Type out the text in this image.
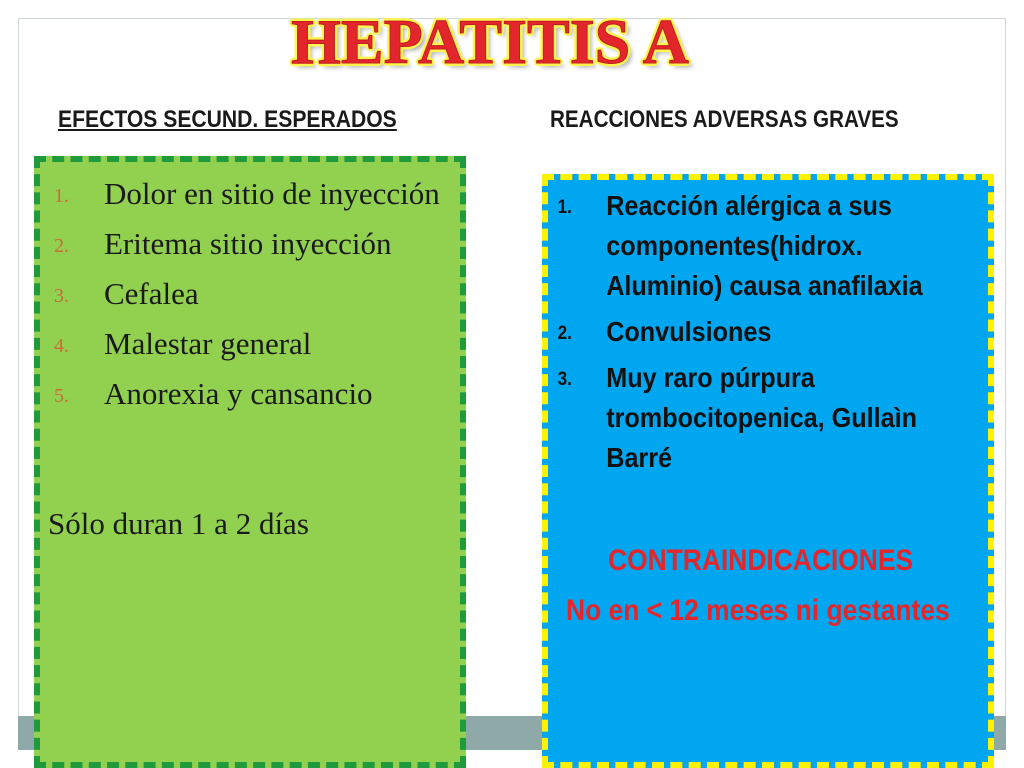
HEPATITIS A
EFECTOS SECUND. ESPERADOS	REACCIONES ADVERSAS GRAVES
1. Dolor en sitio de inyección
2. Eritema sitio inyección
3. Cefalea
4. Malestar general
5. Anorexia y cansancio
Sólo duran 1 a 2 días
1. Reacción alérgica a sus componentes(hidrox. Aluminio) causa anafilaxia
2. Convulsiones
3. Muy raro púrpura trombocitopenica, Gullaìn Barré
CONTRAINDICACIONES
No en < 12 meses ni gestantes
